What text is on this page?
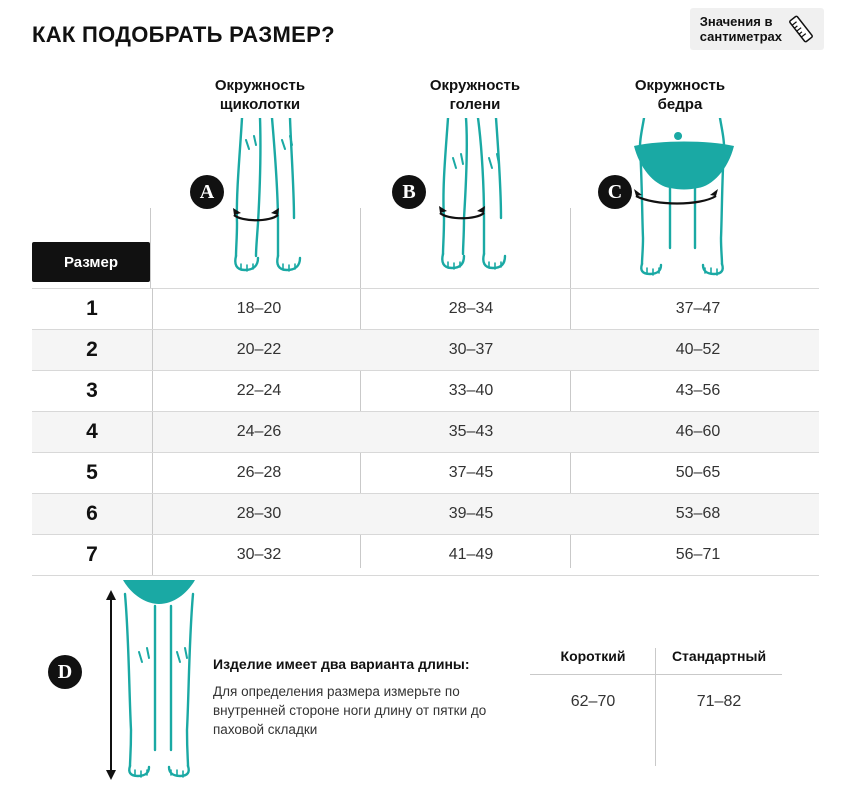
КАК ПОДОБРАТЬ РАЗМЕР?
Значения в
сантиметрах
Окружность
щиколотки
Окружность
голени
Окружность
бедра
A	B	C
Размер
1	18–20	28–34	37–47
2	20–22	30–37	40–52
3	22–24	33–40	43–56
4	24–26	35–43	46–60
5	26–28	37–45	50–65
6	28–30	39–45	53–68
7	30–32	41–49	56–71
D	Изделие имеет два варианта длины:
Для определения размера измерьте по внутренней стороне ноги длину от пятки до паховой складки
Короткий	Стандартный
62–70	71–82
